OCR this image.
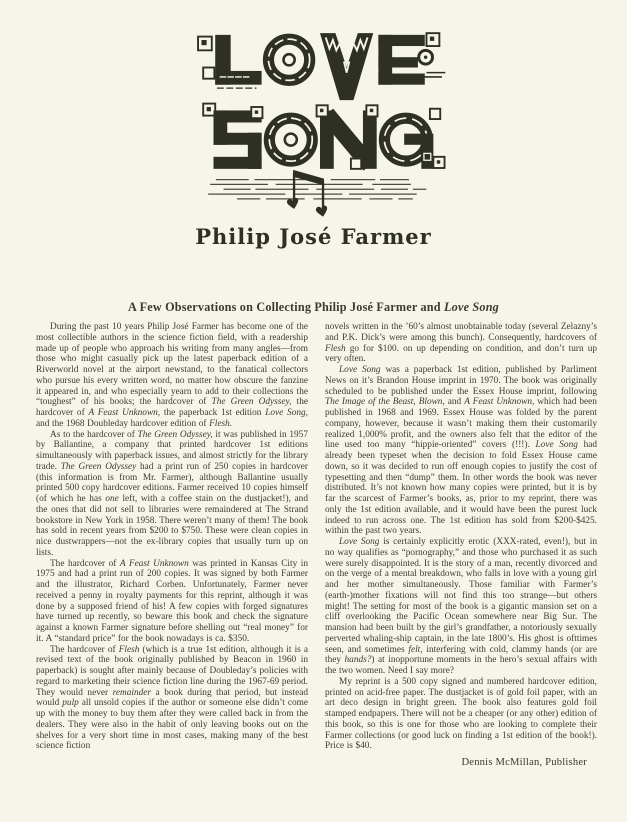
Philip José Farmer
A Few Observations on Collecting Philip José Farmer and Love Song

During the past 10 years Philip José Farmer has become one of the most collectible authors in the science fiction field, with a readership made up of people who approach his writing from many angles—from those who might casually pick up the latest paperback edition of a Riverworld novel at the airport newstand, to the fanatical collectors who pursue his every written word, no matter how obscure the fanzine it appeared in, and who especially yearn to add to their collections the “toughest” of his books; the hardcover of The Green Odyssey, the hardcover of A Feast Unknown, the paperback 1st edition Love Song, and the 1968 Doubleday hardcover edition of Flesh.

As to the hardcover of The Green Odyssey, it was published in 1957 by Ballantine, a company that printed hardcover 1st editions simultaneously with paperback issues, and almost strictly for the library trade. The Green Odyssey had a print run of 250 copies in hardcover (this information is from Mr. Farmer), although Ballantine usually printed 500 copy hardcover editions. Farmer received 10 copies himself (of which he has one left, with a coffee stain on the dustjacket!), and the ones that did not sell to libraries were remaindered at The Strand bookstore in New York in 1958. There weren’t many of them! The book has sold in recent years from $200 to $750. These were clean copies in nice dustwrappers—not the ex-library copies that usually turn up on lists.

The hardcover of A Feast Unknown was printed in Kansas City in 1975 and had a print run of 200 copies. It was signed by both Farmer and the illustrator, Richard Corben. Unfortunately, Farmer never received a penny in royalty payments for this reprint, although it was done by a supposed friend of his! A few copies with forged signatures have turned up recently, so beware this book and check the signature against a known Farmer signature before shelling out “real money” for it. A “standard price” for the book nowadays is ca. $350.

The hardcover of Flesh (which is a true 1st edition, although it is a revised text of the book originally published by Beacon in 1960 in paperback) is sought after mainly because of Doubleday’s policies with regard to marketing their science fiction line during the 1967-69 period. They would never remainder a book during that period, but instead would pulp all unsold copies if the author or someone else didn’t come up with the money to buy them after they were called back in from the dealers. They were also in the habit of only leaving books out on the shelves for a very short time in most cases, making many of the best science fiction

novels written in the ’60’s almost unobtainable today (several Zelazny’s and P.K. Dick’s were among this bunch). Consequently, hardcovers of Flesh go for $100. on up depending on condition, and don’t turn up very often.

Love Song was a paperback 1st edition, published by Parliment News on it’s Brandon House imprint in 1970. The book was originally scheduled to be published under the Essex House imprint, following The Image of the Beast, Blown, and A Feast Unknown, which had been published in 1968 and 1969. Essex House was folded by the parent company, however, because it wasn’t making them their customarily realized 1,000% profit, and the owners also felt that the editor of the line used too many “hippie-oriented” covers (!!!). Love Song had already been typeset when the decision to fold Essex House came down, so it was decided to run off enough copies to justify the cost of typesetting and then “dump” them. In other words the book was never distributed. It’s not known how many copies were printed, but it is by far the scarcest of Farmer’s books, as, prior to my reprint, there was only the 1st edition available, and it would have been the purest luck indeed to run across one. The 1st edition has sold from $200-$425. within the past two years.

Love Song is certainly explicitly erotic (XXX-rated, even!), but in no way qualifies as “pornography,” and those who purchased it as such were surely disappointed. It is the story of a man, recently divorced and on the verge of a mental breakdown, who falls in love with a young girl and her mother simultaneously. Those familiar with Farmer’s (earth-)mother fixations will not find this too strange—but others might! The setting for most of the book is a gigantic mansion set on a cliff overlooking the Pacific Ocean somewhere near Big Sur. The mansion had been built by the girl’s grandfather, a notoriously sexually perverted whaling-ship captain, in the late 1800’s. His ghost is ofttimes seen, and sometimes felt, interfering with cold, clammy hands (or are they hands?) at inopportune moments in the hero’s sexual affairs with the two women. Need I say more?

My reprint is a 500 copy signed and numbered hardcover edition, printed on acid-free paper. The dustjacket is of gold foil paper, with an art deco design in bright green. The book also features gold foil stamped endpapers. There will not be a cheaper (or any other) edition of this book, so this is one for those who are looking to complete their Farmer collections (or good luck on finding a 1st edition of the book!). Price is $40.

Dennis McMillan, Publisher
